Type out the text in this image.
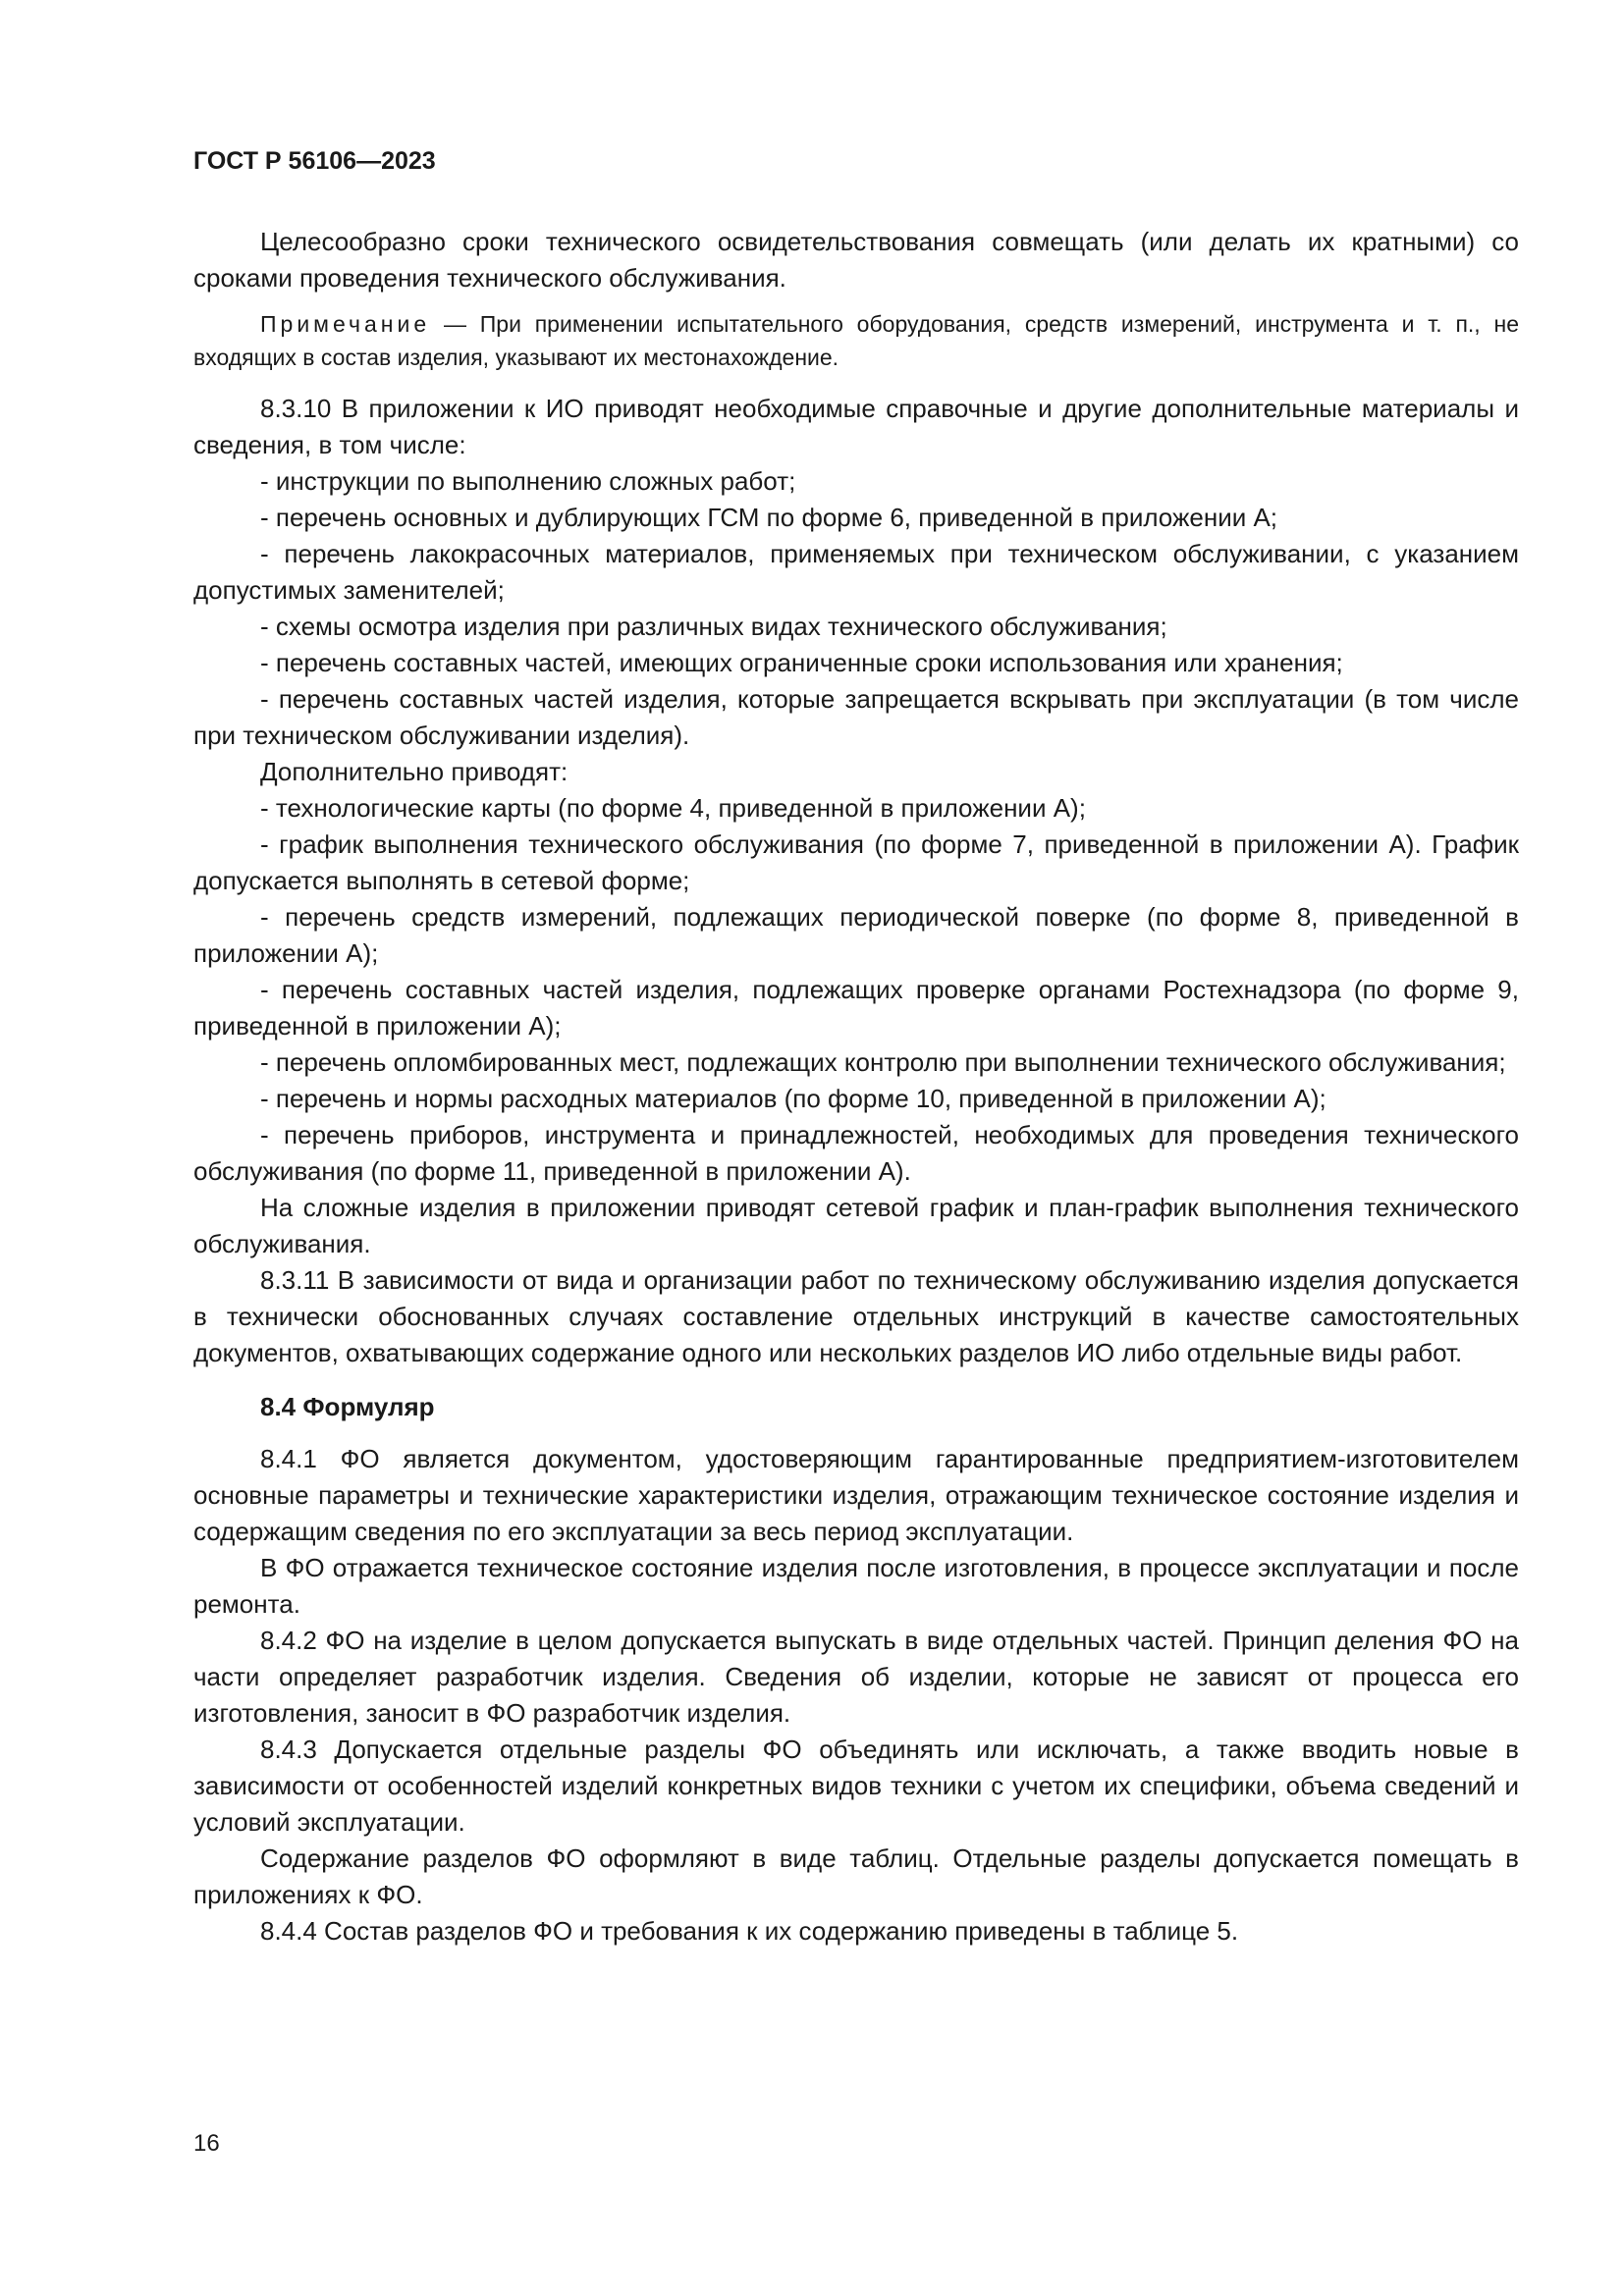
ГОСТ Р 56106—2023

Целесообразно сроки технического освидетельствования совмещать (или делать их кратными) со сроками проведения технического обслуживания.

Примечание — При применении испытательного оборудования, средств измерений, инструмента и т. п., не входящих в состав изделия, указывают их местонахождение.

8.3.10 В приложении к ИО приводят необходимые справочные и другие дополнительные материалы и сведения, в том числе:

- инструкции по выполнению сложных работ;

- перечень основных и дублирующих ГСМ по форме 6, приведенной в приложении А;

- перечень лакокрасочных материалов, применяемых при техническом обслуживании, с указанием допустимых заменителей;

- схемы осмотра изделия при различных видах технического обслуживания;

- перечень составных частей, имеющих ограниченные сроки использования или хранения;

- перечень составных частей изделия, которые запрещается вскрывать при эксплуатации (в том числе при техническом обслуживании изделия).

Дополнительно приводят:

- технологические карты (по форме 4, приведенной в приложении А);

- график выполнения технического обслуживания (по форме 7, приведенной в приложении А). График допускается выполнять в сетевой форме;

- перечень средств измерений, подлежащих периодической поверке (по форме 8, приведенной в приложении А);

- перечень составных частей изделия, подлежащих проверке органами Ростехнадзора (по форме 9, приведенной в приложении А);

- перечень опломбированных мест, подлежащих контролю при выполнении технического обслуживания;

- перечень и нормы расходных материалов (по форме 10, приведенной в приложении А);

- перечень приборов, инструмента и принадлежностей, необходимых для проведения технического обслуживания (по форме 11, приведенной в приложении А).

На сложные изделия в приложении приводят сетевой график и план-график выполнения технического обслуживания.

8.3.11 В зависимости от вида и организации работ по техническому обслуживанию изделия допускается в технически обоснованных случаях составление отдельных инструкций в качестве самостоятельных документов, охватывающих содержание одного или нескольких разделов ИО либо отдельные виды работ.

8.4 Формуляр

8.4.1 ФО является документом, удостоверяющим гарантированные предприятием-изготовителем основные параметры и технические характеристики изделия, отражающим техническое состояние изделия и содержащим сведения по его эксплуатации за весь период эксплуатации.

В ФО отражается техническое состояние изделия после изготовления, в процессе эксплуатации и после ремонта.

8.4.2 ФО на изделие в целом допускается выпускать в виде отдельных частей. Принцип деления ФО на части определяет разработчик изделия. Сведения об изделии, которые не зависят от процесса его изготовления, заносит в ФО разработчик изделия.

8.4.3 Допускается отдельные разделы ФО объединять или исключать, а также вводить новые в зависимости от особенностей изделий конкретных видов техники с учетом их специфики, объема сведений и условий эксплуатации.

Содержание разделов ФО оформляют в виде таблиц. Отдельные разделы допускается помещать в приложениях к ФО.

8.4.4 Состав разделов ФО и требования к их содержанию приведены в таблице 5.

16
